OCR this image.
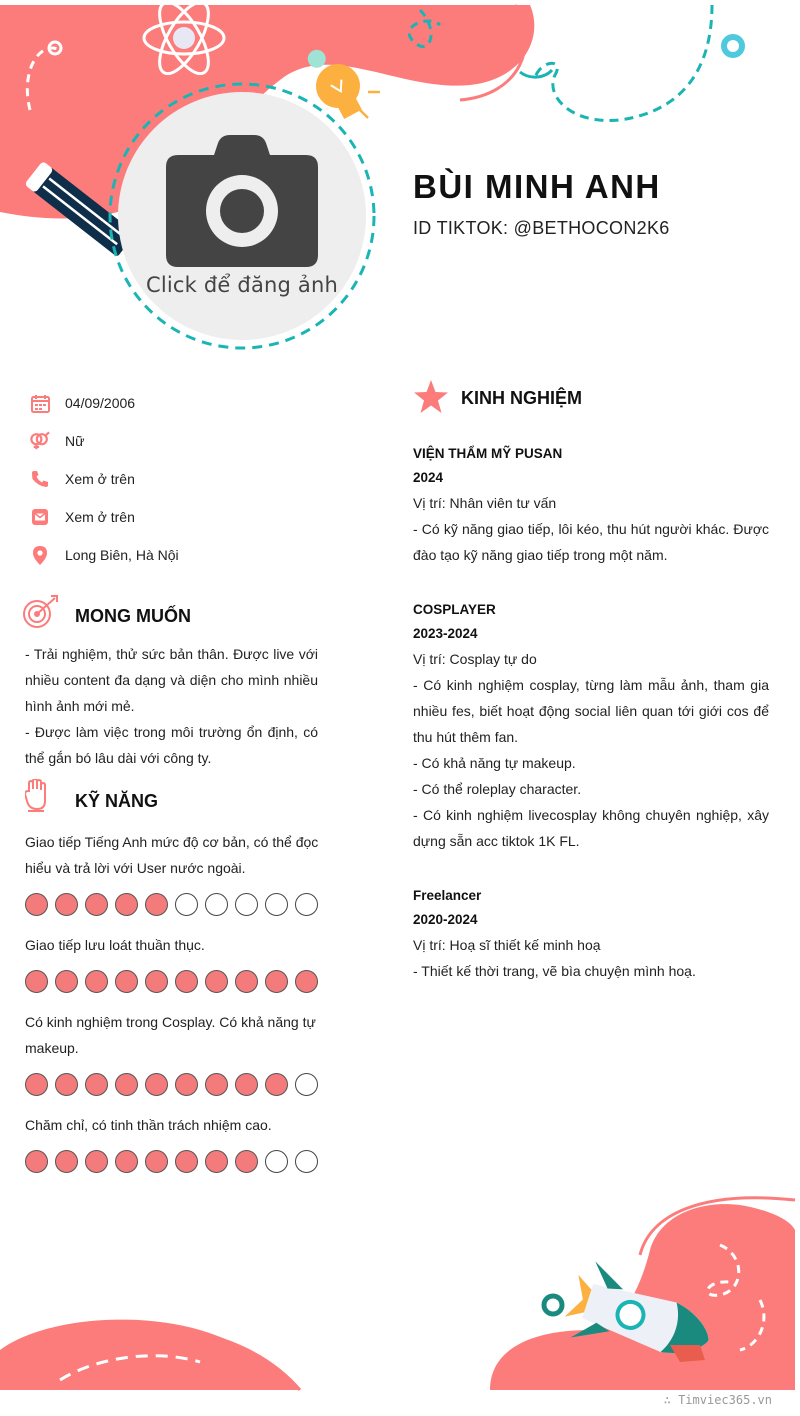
Click để đăng ảnh
BÙI MINH ANH
ID TIKTOK: @BETHOCON2K6
04/09/2006
Nữ
Xem ở trên
Xem ở trên
Long Biên, Hà Nội
MONG MUỐN

- Trải nghiệm, thử sức bản thân. Được live với nhiều content đa dạng và diện cho mình nhiều hình ảnh mới mẻ.

- Được làm việc trong môi trường ổn định, có thể gắn bó lâu dài với công ty.

KỸ NĂNG

Giao tiếp Tiếng Anh mức độ cơ bản, có thể đọc hiểu và trả lời với User nước ngoài.

Giao tiếp lưu loát thuần thục.

Có kinh nghiệm trong Cosplay. Có khả năng tự makeup.

Chăm chỉ, có tinh thần trách nhiệm cao.

KINH NGHIỆM
VIỆN THẨM MỸ PUSAN
2024

Vị trí: Nhân viên tư vấn

- Có kỹ năng giao tiếp, lôi kéo, thu hút người khác. Được đào tạo kỹ năng giao tiếp trong một năm.

COSPLAYER
2023-2024

Vị trí: Cosplay tự do

- Có kinh nghiệm cosplay, từng làm mẫu ảnh, tham gia nhiều fes, biết hoạt động social liên quan tới giới cos để thu hút thêm fan.

- Có khả năng tự makeup.

- Có thể roleplay character.

- Có kinh nghiệm livecosplay không chuyên nghiệp, xây dựng sẵn acc tiktok 1K FL.

Freelancer
2020-2024

Vị trí: Hoạ sĩ thiết kế minh hoạ

- Thiết kế thời trang, vẽ bìa chuyện mình hoạ.

∴ Timviec365.vn
